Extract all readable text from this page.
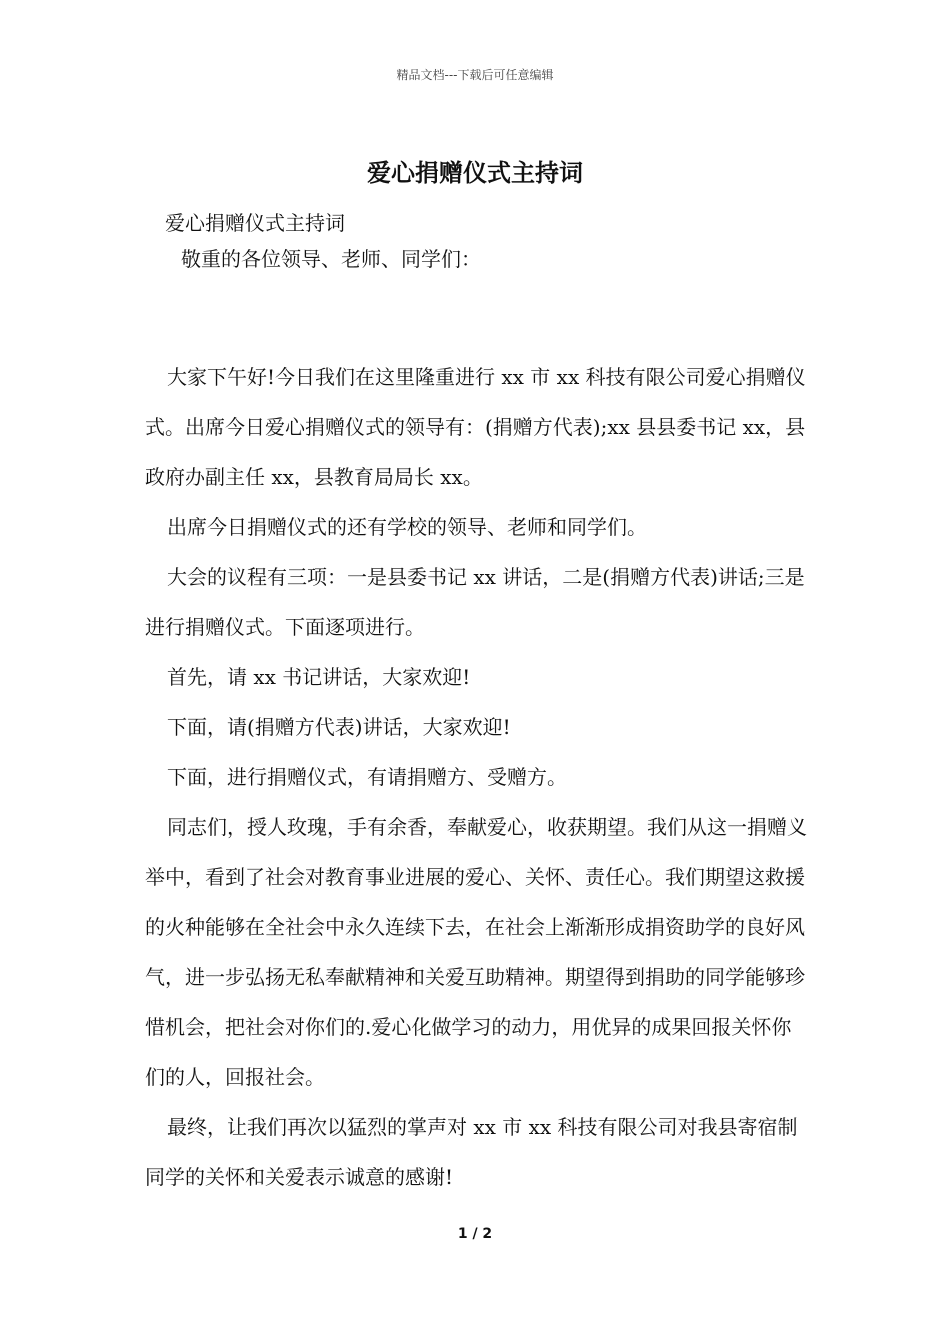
精品文档---下载后可任意编辑
爱心捐赠仪式主持词

爱心捐赠仪式主持词

敬重的各位领导、老师、同学们：

大家下午好!今日我们在这里隆重进行 xx 市 xx 科技有限公司爱心捐赠仪式。出席今日爱心捐赠仪式的领导有：(捐赠方代表);xx 县县委书记 xx，县政府办副主任 xx，县教育局局长 xx。

出席今日捐赠仪式的还有学校的领导、老师和同学们。

大会的议程有三项：一是县委书记 xx 讲话，二是(捐赠方代表)讲话;三是进行捐赠仪式。下面逐项进行。

首先，请 xx 书记讲话，大家欢迎!

下面，请(捐赠方代表)讲话，大家欢迎!

下面，进行捐赠仪式，有请捐赠方、受赠方。

同志们，授人玫瑰，手有余香，奉献爱心，收获期望。我们从这一捐赠义举中，看到了社会对教育事业进展的爱心、关怀、责任心。我们期望这救援的火种能够在全社会中永久连续下去，在社会上渐渐形成捐资助学的良好风气，进一步弘扬无私奉献精神和关爱互助精神。期望得到捐助的同学能够珍惜机会，把社会对你们的.爱心化做学习的动力，用优异的成果回报关怀你们的人，回报社会。

最终，让我们再次以猛烈的掌声对 xx 市 xx 科技有限公司对我县寄宿制同学的关怀和关爱表示诚意的感谢!

1 / 2
